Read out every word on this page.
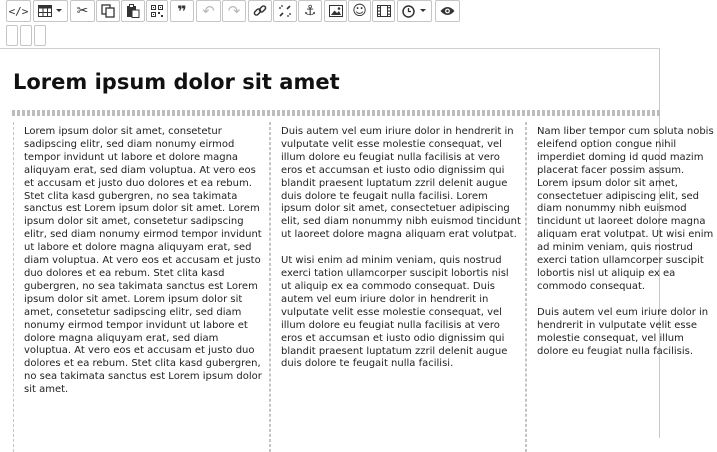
</>	✂	❞ ↶ ↷	⚓	☺
Lorem ipsum dolor sit amet

Lorem ipsum dolor sit amet, consetetur sadipscing elitr, sed diam nonumy eirmod tempor invidunt ut labore et dolore magna aliquyam erat, sed diam voluptua. At vero eos et accusam et justo duo dolores et ea rebum. Stet clita kasd gubergren, no sea takimata sanctus est Lorem ipsum dolor sit amet. Lorem ipsum dolor sit amet, consetetur sadipscing elitr, sed diam nonumy eirmod tempor invidunt ut labore et dolore magna aliquyam erat, sed diam voluptua. At vero eos et accusam et justo duo dolores et ea rebum. Stet clita kasd gubergren, no sea takimata sanctus est Lorem ipsum dolor sit amet. Lorem ipsum dolor sit amet, consetetur sadipscing elitr, sed diam nonumy eirmod tempor invidunt ut labore et dolore magna aliquyam erat, sed diam voluptua. At vero eos et accusam et justo duo dolores et ea rebum. Stet clita kasd gubergren, no sea takimata sanctus est Lorem ipsum dolor sit amet.

Duis autem vel eum iriure dolor in hendrerit in vulputate velit esse molestie consequat, vel illum dolore eu feugiat nulla facilisis at vero eros et accumsan et iusto odio dignissim qui blandit praesent luptatum zzril delenit augue duis dolore te feugait nulla facilisi. Lorem ipsum dolor sit amet, consectetuer adipiscing elit, sed diam nonummy nibh euismod tincidunt ut laoreet dolore magna aliquam erat volutpat.

Ut wisi enim ad minim veniam, quis nostrud exerci tation ullamcorper suscipit lobortis nisl ut aliquip ex ea commodo consequat. Duis autem vel eum iriure dolor in hendrerit in vulputate velit esse molestie consequat, vel illum dolore eu feugiat nulla facilisis at vero eros et accumsan et iusto odio dignissim qui blandit praesent luptatum zzril delenit augue duis dolore te feugait nulla facilisi.

Nam liber tempor cum soluta nobis eleifend option congue nihil imperdiet doming id quod mazim placerat facer possim assum. Lorem ipsum dolor sit amet, consectetuer adipiscing elit, sed diam nonummy nibh euismod tincidunt ut laoreet dolore magna aliquam erat volutpat. Ut wisi enim ad minim veniam, quis nostrud exerci tation ullamcorper suscipit lobortis nisl ut aliquip ex ea commodo consequat.

Duis autem vel eum iriure dolor in hendrerit in vulputate velit esse molestie consequat, vel illum dolore eu feugiat nulla facilisis.
